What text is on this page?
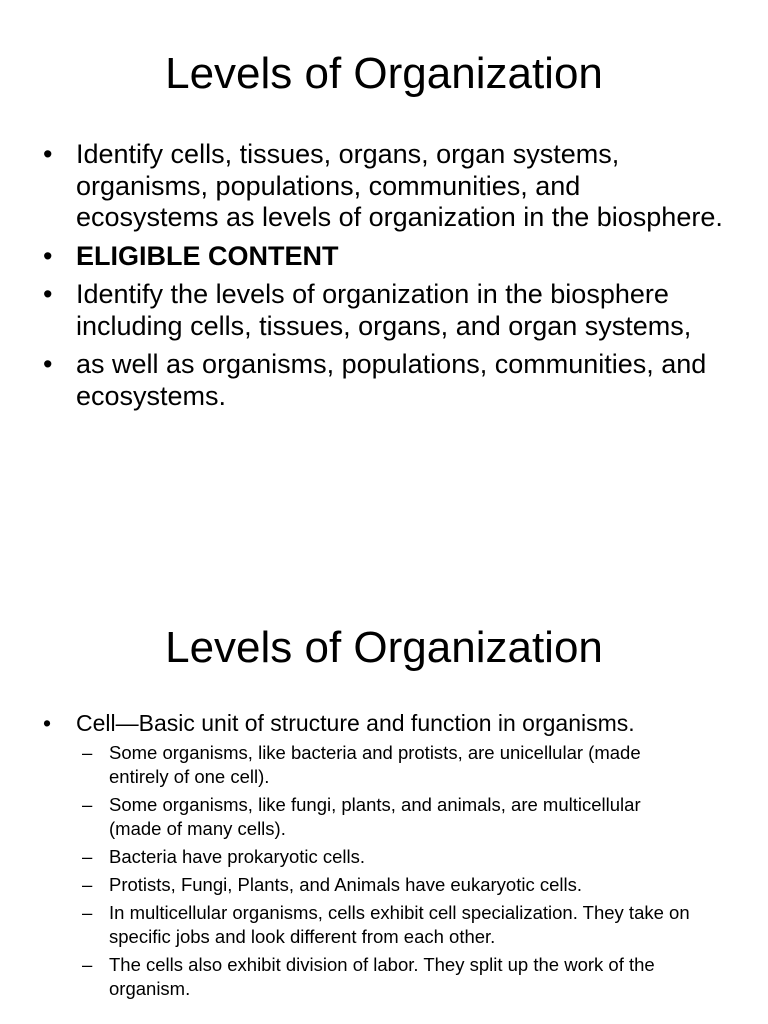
Levels of Organization
• Identify cells, tissues, organs, organ systems, organisms, populations, communities, and ecosystems as levels of organization in the biosphere.
• ELIGIBLE CONTENT
• Identify the levels of organization in the biosphere including cells, tissues, organs, and organ systems,
• as well as organisms, populations, communities, and ecosystems.
Levels of Organization
• Cell—Basic unit of structure and function in organisms.
– Some organisms, like bacteria and protists, are unicellular (made entirely of one cell).
– Some organisms, like fungi, plants, and animals, are multicellular (made of many cells).
– Bacteria have prokaryotic cells.
– Protists, Fungi, Plants, and Animals have eukaryotic cells.
– In multicellular organisms, cells exhibit cell specialization. They take on specific jobs and look different from each other.
– The cells also exhibit division of labor. They split up the work of the organism.
